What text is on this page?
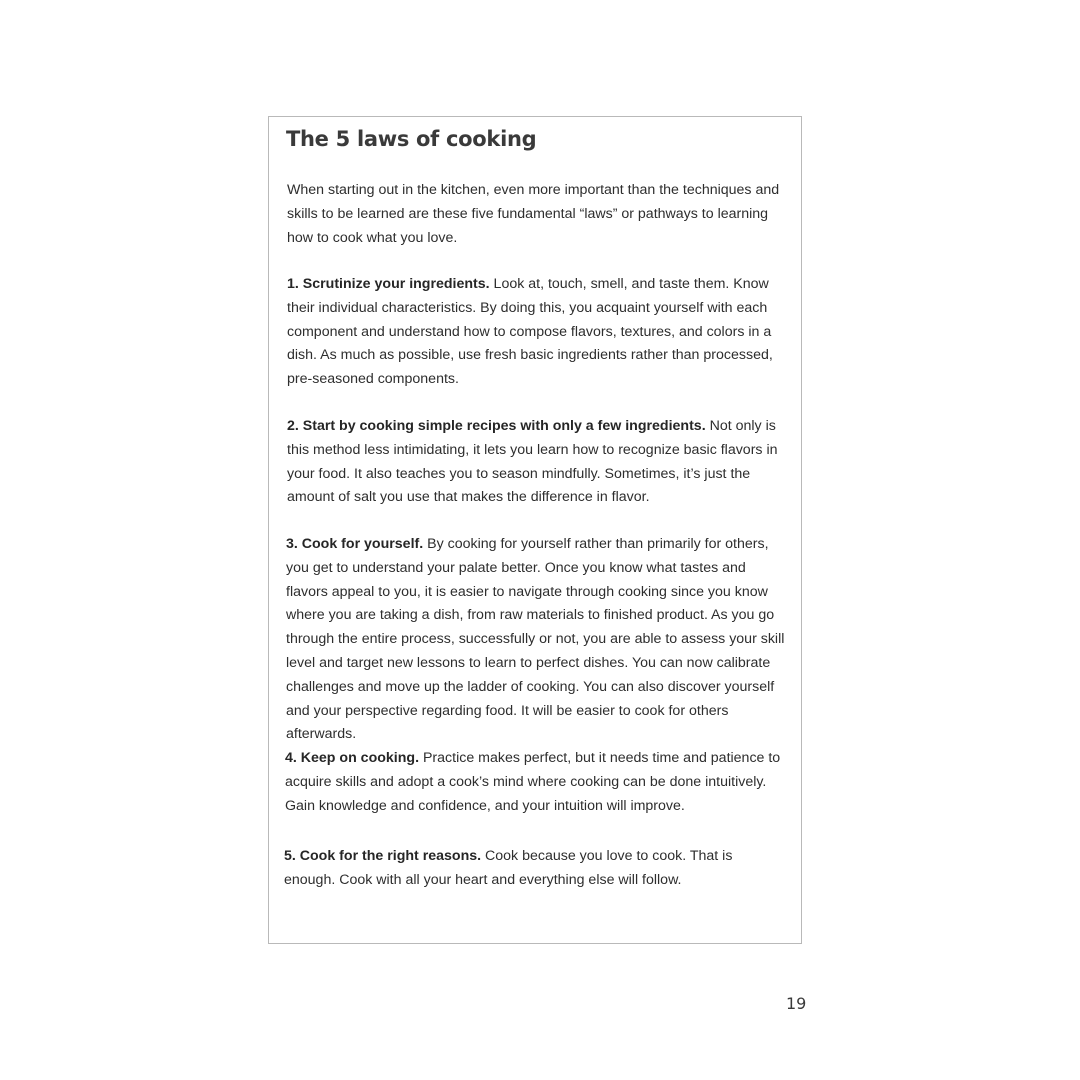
The 5 laws of cooking

When starting out in the kitchen, even more important than the techniques and skills to be learned are these five fundamental “laws” or pathways to learning how to cook what you love.

1. Scrutinize your ingredients. Look at, touch, smell, and taste them. Know their individual characteristics. By doing this, you acquaint yourself with each component and understand how to compose flavors, textures, and colors in a dish. As much as possible, use fresh basic ingredients rather than processed, pre-seasoned components.

2. Start by cooking simple recipes with only a few ingredients. Not only is this method less intimidating, it lets you learn how to recognize basic flavors in your food. It also teaches you to season mindfully. Sometimes, it’s just the amount of salt you use that makes the difference in flavor.

3. Cook for yourself. By cooking for yourself rather than primarily for others, you get to understand your palate better. Once you know what tastes and flavors appeal to you, it is easier to navigate through cooking since you know where you are taking a dish, from raw materials to finished product. As you go through the entire process, successfully or not, you are able to assess your skill level and target new lessons to learn to perfect dishes. You can now calibrate challenges and move up the ladder of cooking. You can also discover yourself and your perspective regarding food. It will be easier to cook for others afterwards.

4. Keep on cooking. Practice makes perfect, but it needs time and patience to acquire skills and adopt a cook’s mind where cooking can be done intuitively. Gain knowledge and confidence, and your intuition will improve.

5. Cook for the right reasons. Cook because you love to cook. That is enough. Cook with all your heart and everything else will follow.

19
